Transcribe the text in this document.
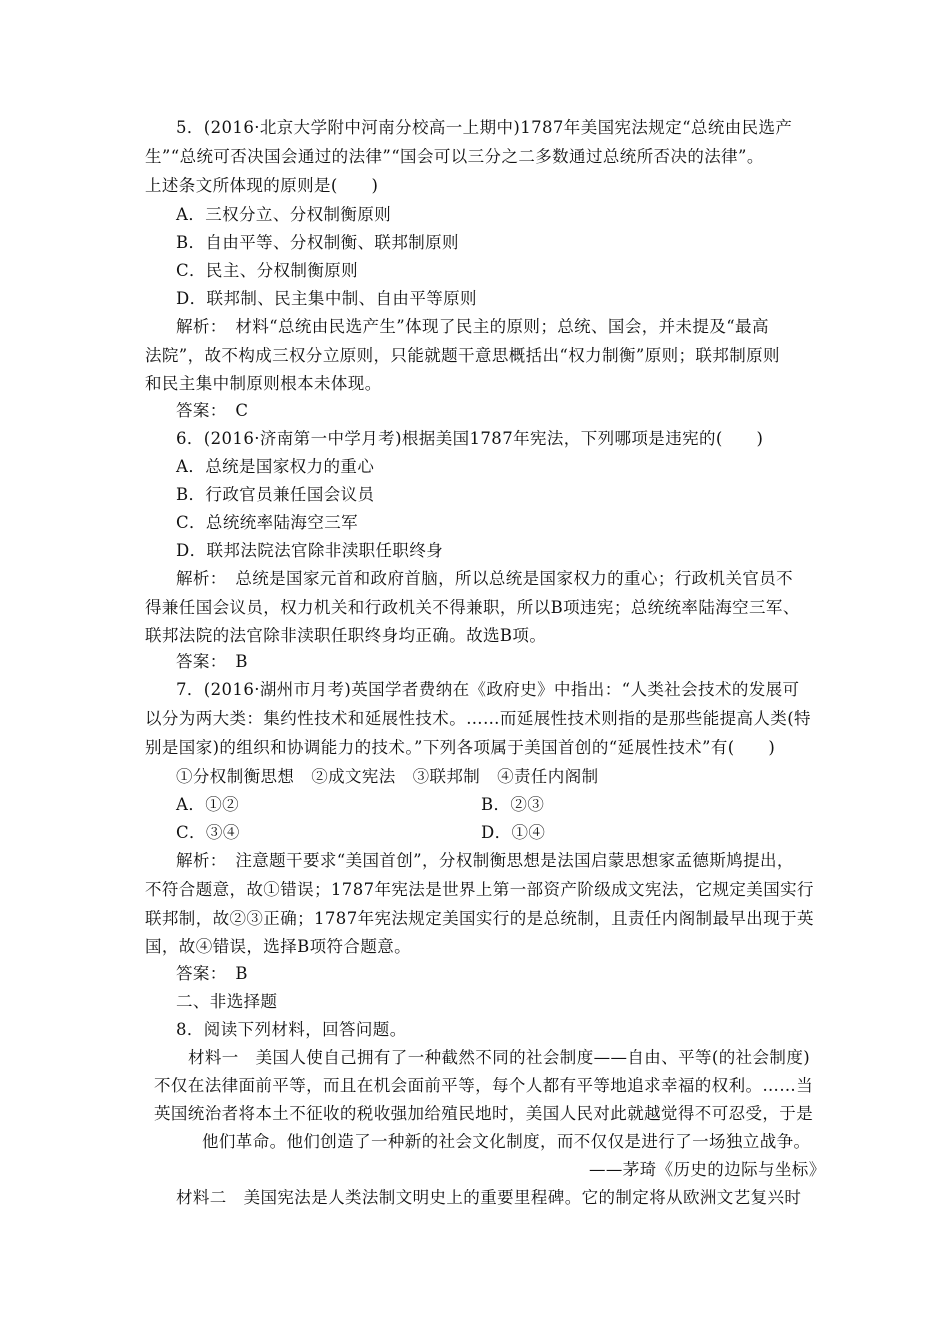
5．(2016·北京大学附中河南分校高一上期中)1787年美国宪法规定“总统由民选产
生”“总统可否决国会通过的法律”“国会可以三分之二多数通过总统所否决的法律”。
上述条文所体现的原则是(　　)
A．三权分立、分权制衡原则
B．自由平等、分权制衡、联邦制原则
C．民主、分权制衡原则
D．联邦制、民主集中制、自由平等原则
解析：　材料“总统由民选产生”体现了民主的原则；总统、国会，并未提及“最高
法院”，故不构成三权分立原则，只能就题干意思概括出“权力制衡”原则；联邦制原则
和民主集中制原则根本未体现。
答案：　C
6．(2016·济南第一中学月考)根据美国1787年宪法，下列哪项是违宪的(　　)
A．总统是国家权力的重心
B．行政官员兼任国会议员
C．总统统率陆海空三军
D．联邦法院法官除非渎职任职终身
解析：　总统是国家元首和政府首脑，所以总统是国家权力的重心；行政机关官员不
得兼任国会议员，权力机关和行政机关不得兼职，所以B项违宪；总统统率陆海空三军、
联邦法院的法官除非渎职任职终身均正确。故选B项。
答案：　B
7．(2016·湖州市月考)英国学者费纳在《政府史》中指出：“人类社会技术的发展可
以分为两大类：集约性技术和延展性技术。……而延展性技术则指的是那些能提高人类(特
别是国家)的组织和协调能力的技术。”下列各项属于美国首创的“延展性技术”有(　　)
①分权制衡思想　②成文宪法　③联邦制　④责任内阁制
A．①②	B．②③
C．③④	D．①④
解析：　注意题干要求“美国首创”，分权制衡思想是法国启蒙思想家孟德斯鸠提出，
不符合题意，故①错误；1787年宪法是世界上第一部资产阶级成文宪法，它规定美国实行
联邦制，故②③正确；1787年宪法规定美国实行的是总统制，且责任内阁制最早出现于英
国，故④错误，选择B项符合题意。
答案：　B
二、非选择题
8．阅读下列材料，回答问题。
材料一　美国人使自己拥有了一种截然不同的社会制度——自由、平等(的社会制度)
不仅在法律面前平等，而且在机会面前平等，每个人都有平等地追求幸福的权利。……当
英国统治者将本土不征收的税收强加给殖民地时，美国人民对此就越觉得不可忍受，于是
他们革命。他们创造了一种新的社会文化制度，而不仅仅是进行了一场独立战争。
——茅琦《历史的边际与坐标》
材料二　美国宪法是人类法制文明史上的重要里程碑。它的制定将从欧洲文艺复兴时
